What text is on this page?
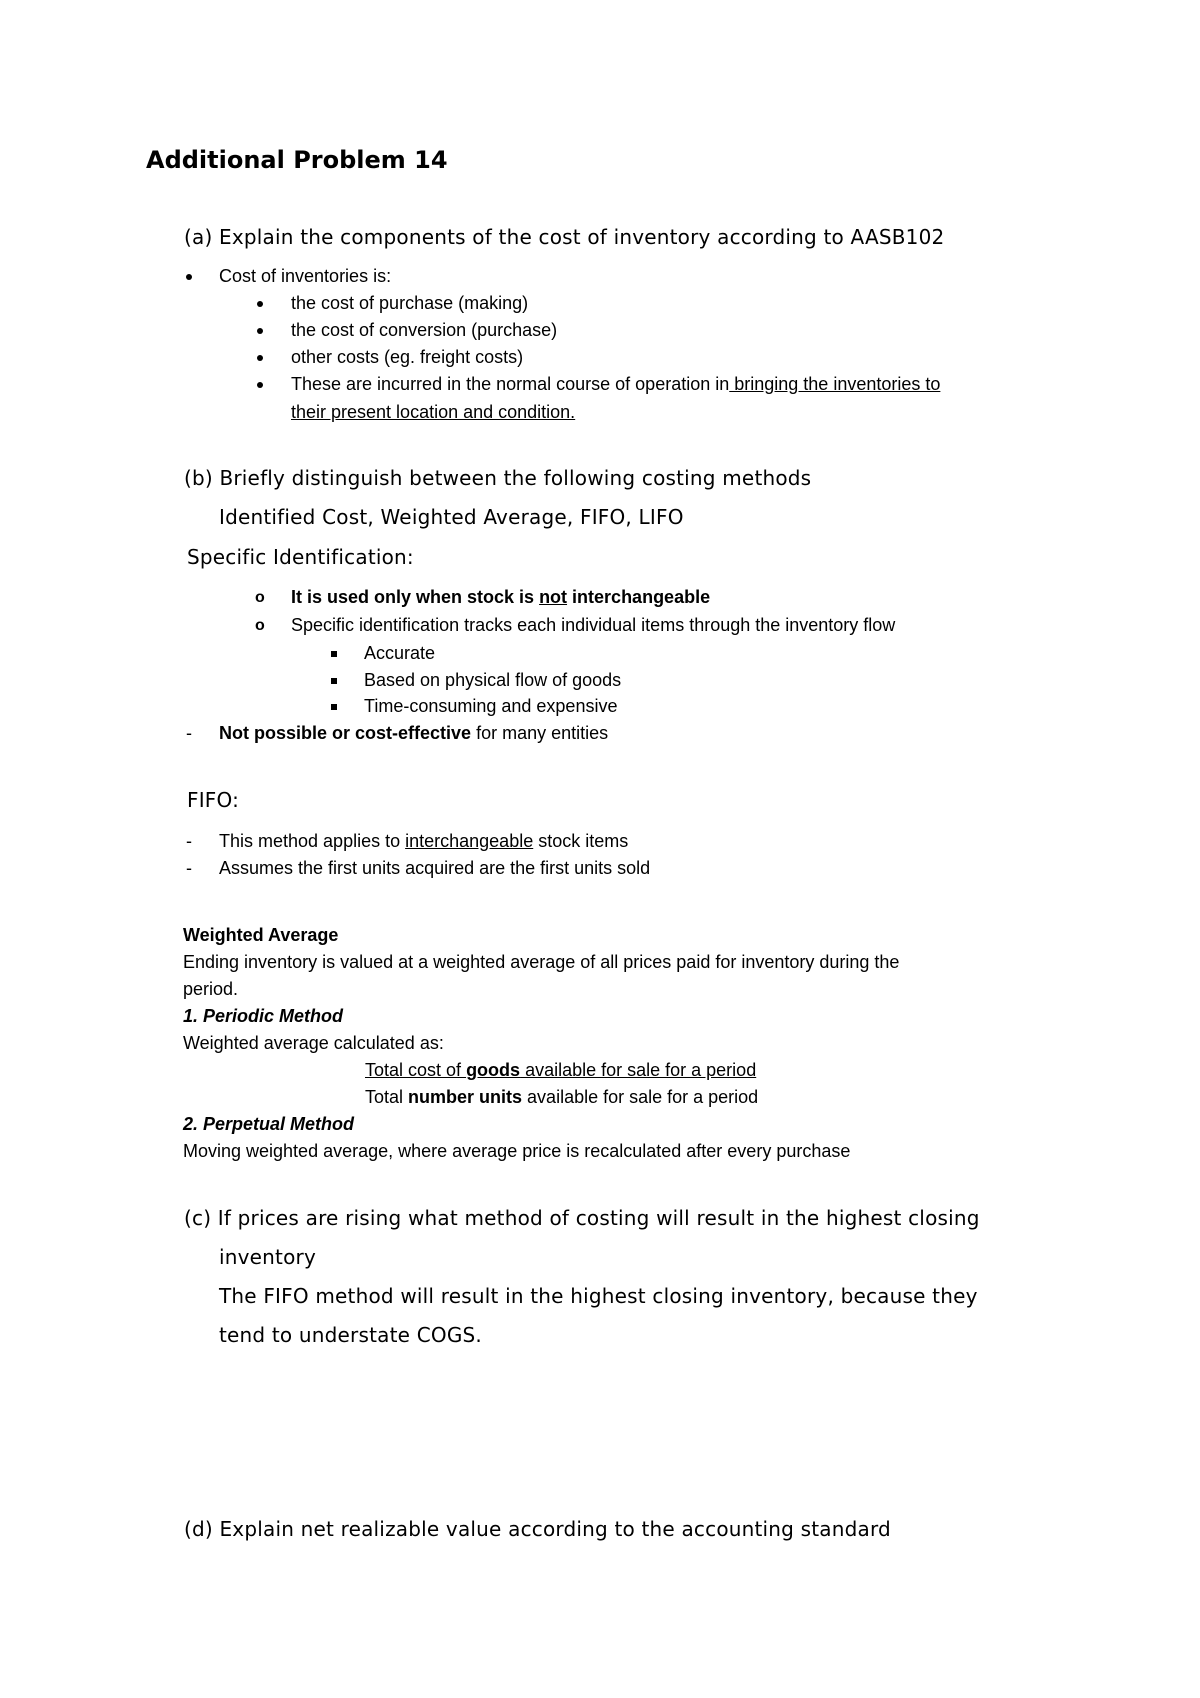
Additional Problem 14
(a) Explain the components of the cost of inventory according to AASB102
Cost of inventories is:
the cost of purchase (making)
the cost of conversion (purchase)
other costs (eg. freight costs)
These are incurred in the normal course of operation in bringing the inventories to
their present location and condition.
(b) Briefly distinguish between the following costing methods
Identified Cost, Weighted Average, FIFO, LIFO
Specific Identification:
o It is used only when stock is not interchangeable
o Specific identification tracks each individual items through the inventory flow
Accurate
Based on physical flow of goods
Time-consuming and expensive
- Not possible or cost-effective for many entities
FIFO:
- This method applies to interchangeable stock items
- Assumes the first units acquired are the first units sold
Weighted Average
Ending inventory is valued at a weighted average of all prices paid for inventory during the
period.
1. Periodic Method
Weighted average calculated as:
Total cost of goods available for sale for a period
Total number units available for sale for a period
2. Perpetual Method
Moving weighted average, where average price is recalculated after every purchase
(c) If prices are rising what method of costing will result in the highest closing
inventory
The FIFO method will result in the highest closing inventory, because they
tend to understate COGS.
(d) Explain net realizable value according to the accounting standard
